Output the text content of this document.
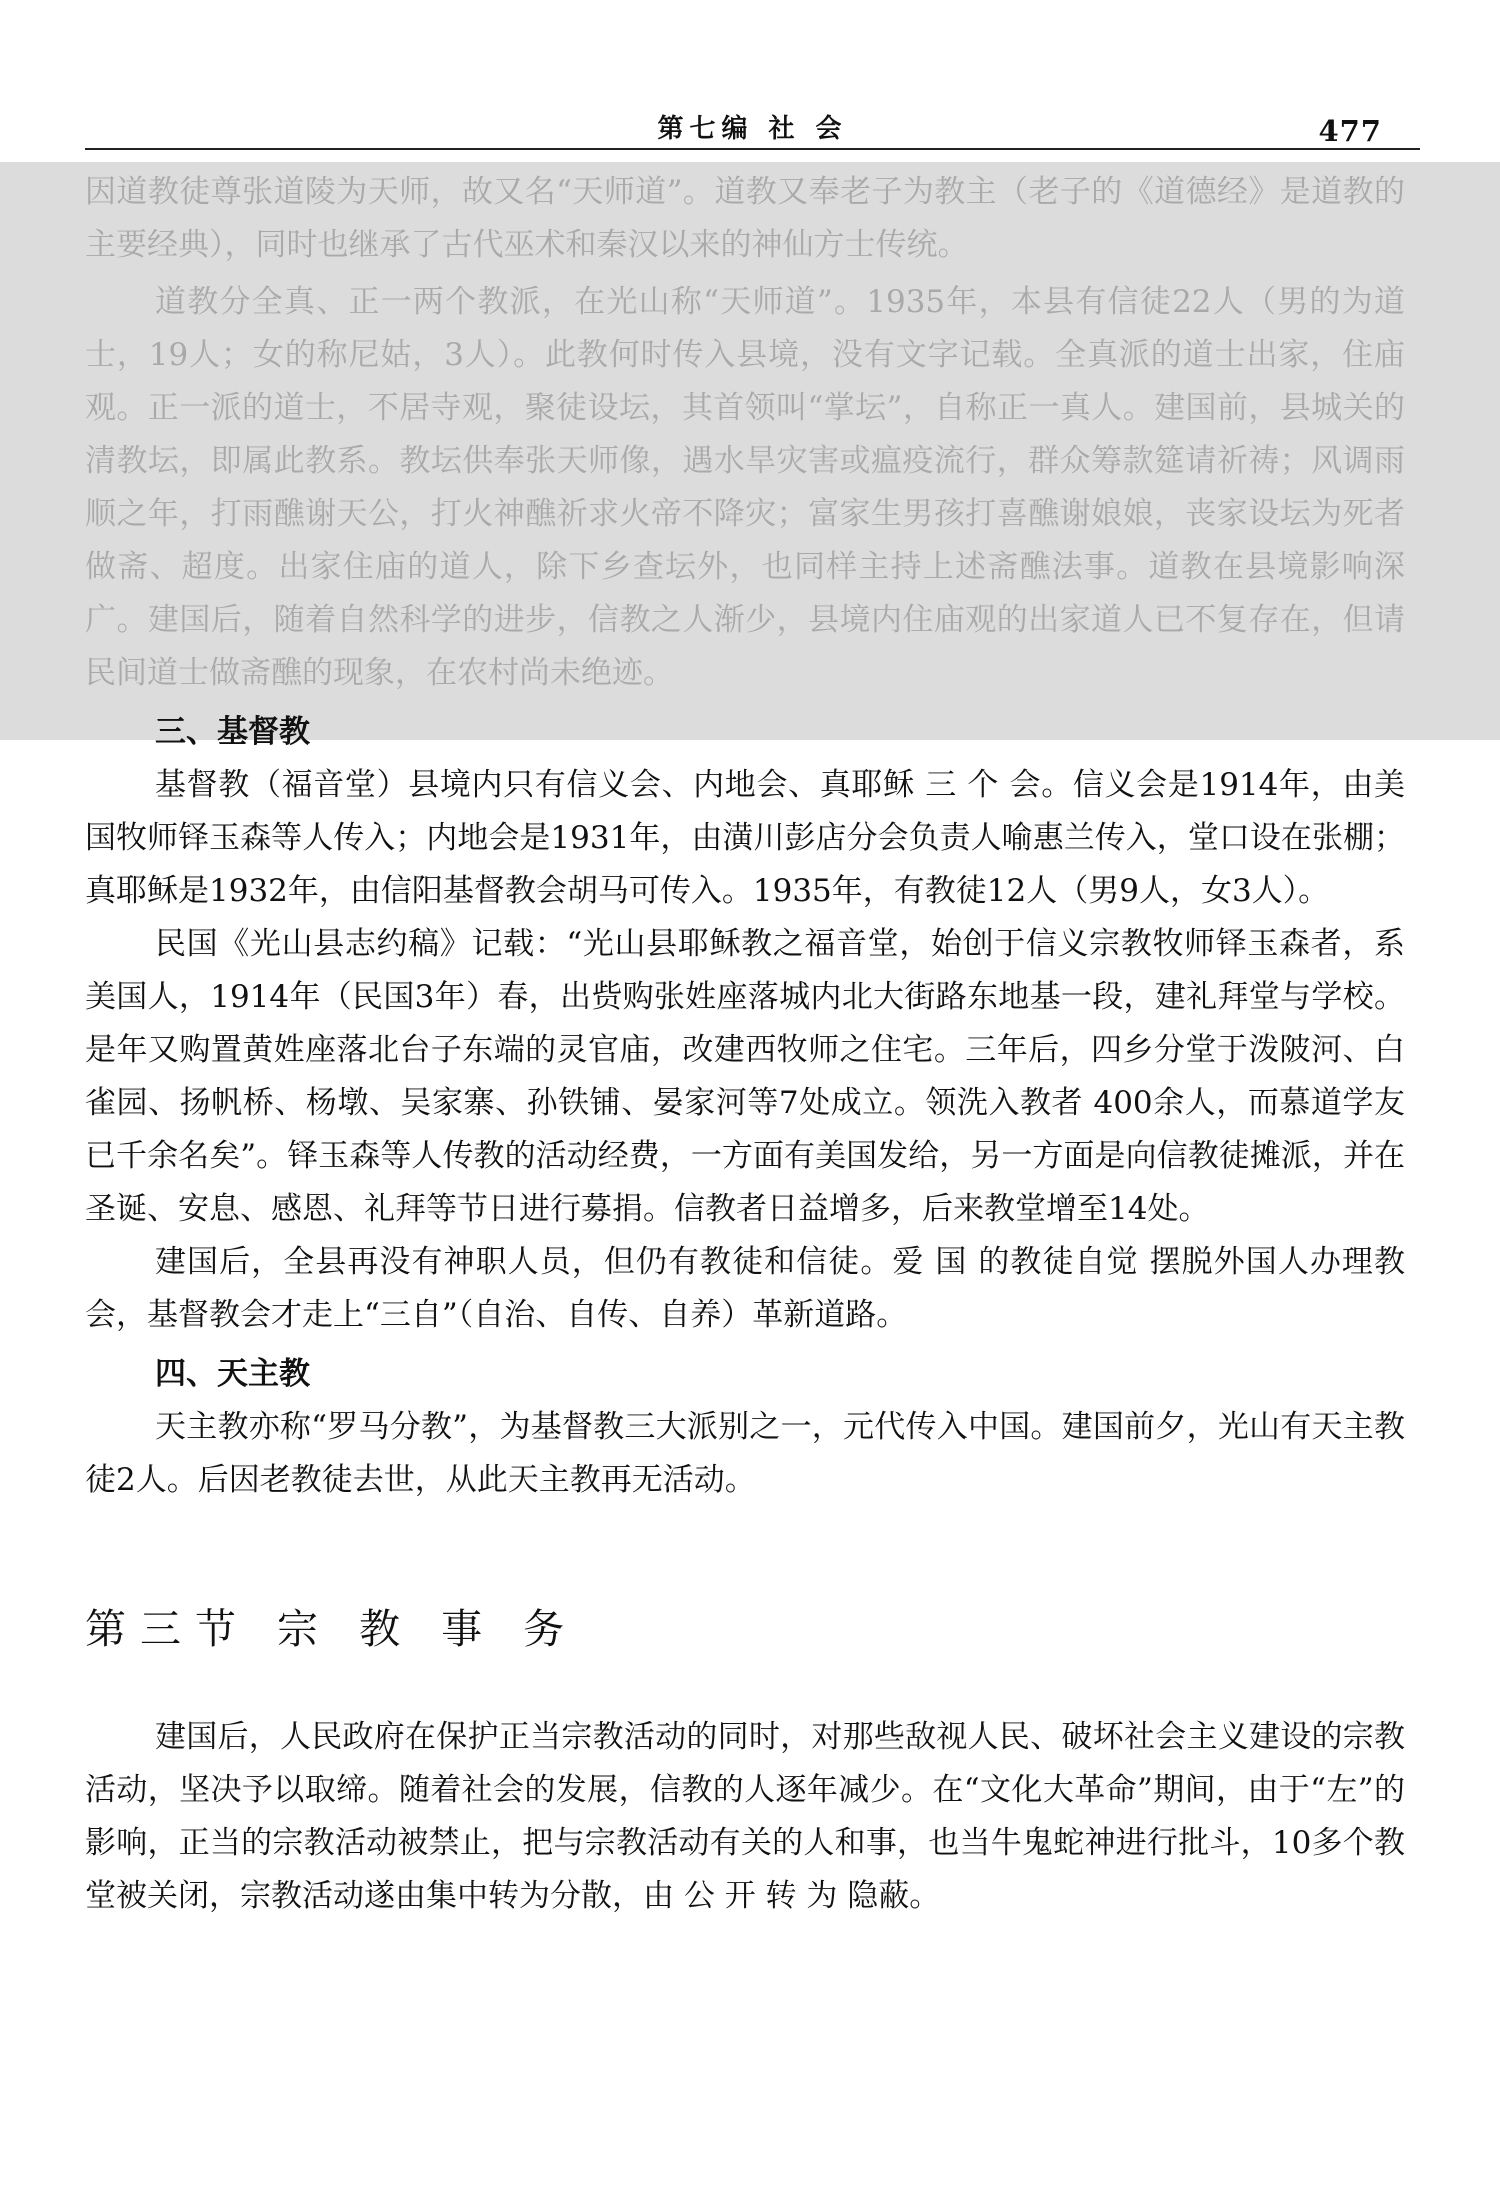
第七编 社 会	477

因道教徒尊张道陵为天师，故又名“天师道”。道教又奉老子为教主（老子的《道德经》是道教的主要经典），同时也继承了古代巫术和秦汉以来的神仙方士传统。

道教分全真、正一两个教派，在光山称“天师道”。1935年，本县有信徒22人（男的为道士，19人；女的称尼姑，3人）。此教何时传入县境，没有文字记载。全真派的道士出家，住庙观。正一派的道士，不居寺观，聚徒设坛，其首领叫“掌坛”，自称正一真人。建国前，县城关的清教坛，即属此教系。教坛供奉张天师像，遇水旱灾害或瘟疫流行，群众筹款筵请祈祷；风调雨顺之年，打雨醮谢天公，打火神醮祈求火帝不降灾；富家生男孩打喜醮谢娘娘，丧家设坛为死者做斋、超度。出家住庙的道人，除下乡查坛外，也同样主持上述斋醮法事。道教在县境影响深广。建国后，随着自然科学的进步，信教之人渐少，县境内住庙观的出家道人已不复存在，但请民间道士做斋醮的现象，在农村尚未绝迹。

三、基督教

基督教（福音堂）县境内只有信义会、内地会、真耶稣 三 个 会。信义会是1914年，由美国牧师铎玉森等人传入；内地会是1931年，由潢川彭店分会负责人喻惠兰传入，堂口设在张棚；真耶稣是1932年，由信阳基督教会胡马可传入。1935年，有教徒12人（男9人，女3人）。

民国《光山县志约稿》记载：“光山县耶稣教之福音堂，始创于信义宗教牧师铎玉森者，系美国人，1914年（民国3年）春，出赀购张姓座落城内北大街路东地基一段，建礼拜堂与学校。是年又购置黄姓座落北台子东端的灵官庙，改建西牧师之住宅。三年后，四乡分堂于泼陂河、白雀园、扬帆桥、杨墩、吴家寨、孙铁铺、晏家河等7处成立。领洗入教者 400余人，而慕道学友已千余名矣”。铎玉森等人传教的活动经费，一方面有美国发给，另一方面是向信教徒摊派，并在圣诞、安息、感恩、礼拜等节日进行募捐。信教者日益增多，后来教堂增至14处。

建国后，全县再没有神职人员，但仍有教徒和信徒。爱 国 的教徒自觉 摆脱外国人办理教会，基督教会才走上“三自”（自治、自传、自养）革新道路。

四、天主教

天主教亦称“罗马分教”，为基督教三大派别之一，元代传入中国。建国前夕，光山有天主教徒2人。后因老教徒去世，从此天主教再无活动。

第三节 宗 教 事 务

建国后，人民政府在保护正当宗教活动的同时，对那些敌视人民、破坏社会主义建设的宗教活动，坚决予以取缔。随着社会的发展，信教的人逐年减少。在“文化大革命”期间，由于“左”的影响，正当的宗教活动被禁止，把与宗教活动有关的人和事，也当牛鬼蛇神进行批斗，10多个教堂被关闭，宗教活动遂由集中转为分散，由 公 开 转 为 隐蔽。
